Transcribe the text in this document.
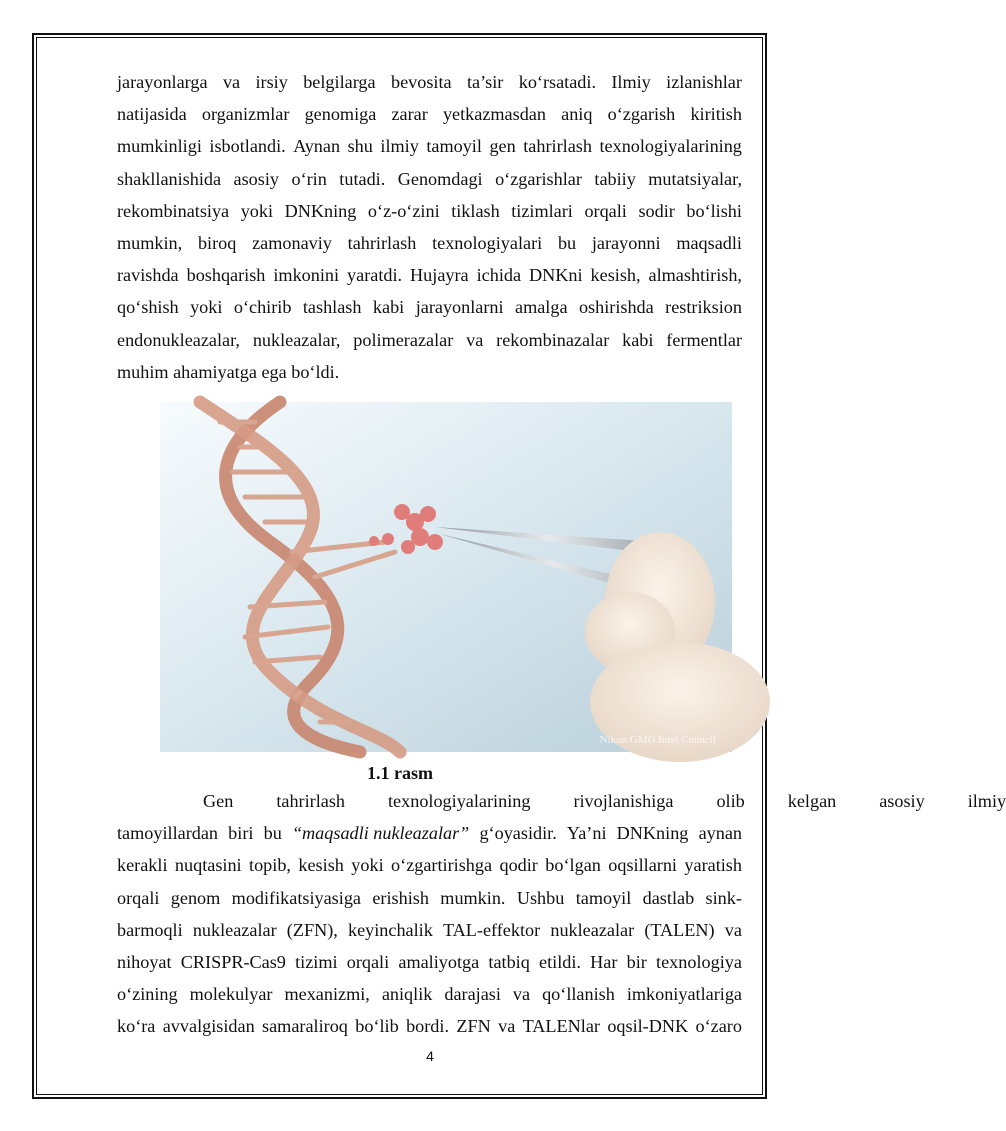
jarayonlarga va irsiy belgilarga bevosita ta’sir ko‘rsatadi. Ilmiy izlanishlar
natijasida organizmlar genomiga zarar yetkazmasdan aniq o‘zgarish kiritish
mumkinligi isbotlandi. Aynan shu ilmiy tamoyil gen tahrirlash texnologiyalarining
shakllanishida asosiy o‘rin tutadi. Genomdagi o‘zgarishlar tabiiy mutatsiyalar,
rekombinatsiya yoki DNKning o‘z-o‘zini tiklash tizimlari orqali sodir bo‘lishi
mumkin, biroq zamonaviy tahrirlash texnologiyalari bu jarayonni maqsadli
ravishda boshqarish imkonini yaratdi. Hujayra ichida DNKni kesish, almashtirish,
qo‘shish yoki o‘chirib tashlash kabi jarayonlarni amalga oshirishda restriksion
endonukleazalar, nukleazalar, polimerazalar va rekombinazalar kabi fermentlar
muhim ahamiyatga ega bo‘ldi.
Nikon GMO Intel Council
1.1 rasm
Gen	tahrirlash	texnologiyalarining	rivojlanishiga	olib	kelgan	asosiy	ilmiy
tamoyillardan biri bu “maqsadli nukleazalar” g‘oyasidir. Ya’ni DNKning aynan
kerakli nuqtasini topib, kesish yoki o‘zgartirishga qodir bo‘lgan oqsillarni yaratish
orqali genom modifikatsiyasiga erishish mumkin. Ushbu tamoyil dastlab sink-
barmoqli nukleazalar (ZFN), keyinchalik TAL-effektor nukleazalar (TALEN) va
nihoyat CRISPR-Cas9 tizimi orqali amaliyotga tatbiq etildi. Har bir texnologiya
o‘zining molekulyar mexanizmi, aniqlik darajasi va qo‘llanish imkoniyatlariga
ko‘ra avvalgisidan samaraliroq bo‘lib bordi. ZFN va TALENlar oqsil-DNK o‘zaro
4
